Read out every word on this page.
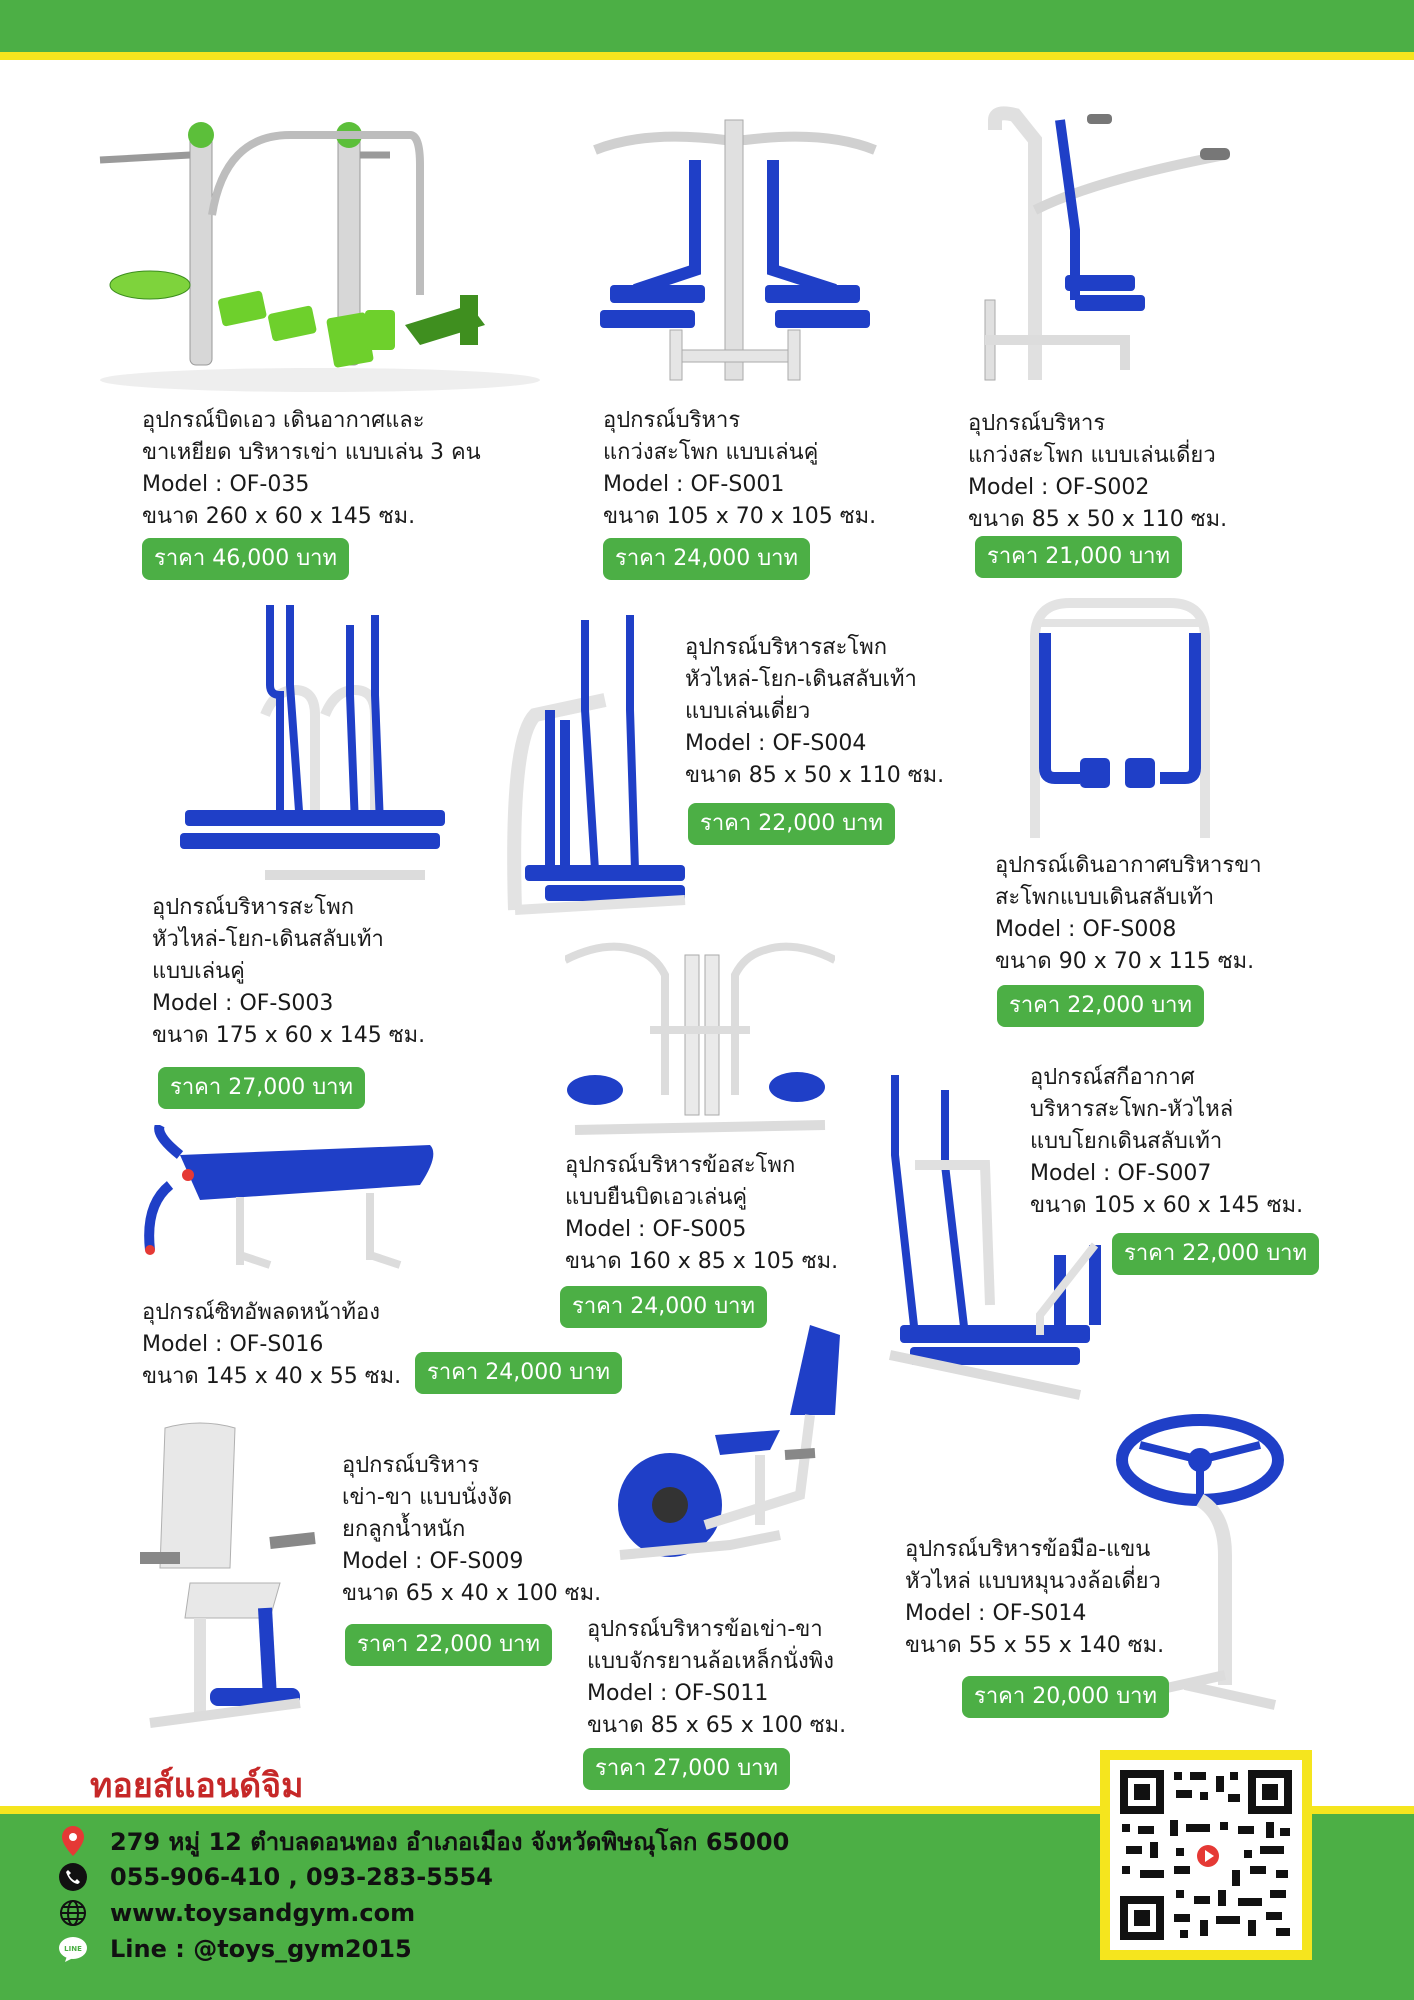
อุปกรณ์บิดเอว เดินอากาศและ
ขาเหยียด บริหารเข่า แบบเล่น 3 คน
Model : OF-035
ขนาด 260 x 60 x 145 ซม.
ราคา 46,000 บาท
อุปกรณ์บริหาร
แกว่งสะโพก แบบเล่นคู่
Model : OF-S001
ขนาด 105 x 70 x 105 ซม.
ราคา 24,000 บาท
อุปกรณ์บริหาร
แกว่งสะโพก แบบเล่นเดี่ยว
Model : OF-S002
ขนาด 85 x 50 x 110 ซม.
ราคา 21,000 บาท
อุปกรณ์บริหารสะโพก
หัวไหล่-โยก-เดินสลับเท้า
แบบเล่นคู่
Model : OF-S003
ขนาด 175 x 60 x 145 ซม.
ราคา 27,000 บาท
อุปกรณ์บริหารสะโพก
หัวไหล่-โยก-เดินสลับเท้า
แบบเล่นเดี่ยว
Model : OF-S004
ขนาด 85 x 50 x 110 ซม.
ราคา 22,000 บาท
อุปกรณ์เดินอากาศบริหารขา
สะโพกแบบเดินสลับเท้า
Model : OF-S008
ขนาด 90 x 70 x 115 ซม.
ราคา 22,000 บาท
อุปกรณ์ซิทอัพลดหน้าท้อง
Model : OF-S016
ขนาด 145 x 40 x 55 ซม.	ราคา 24,000 บาท
อุปกรณ์บริหารข้อสะโพก
แบบยืนบิดเอวเล่นคู่
Model : OF-S005
ขนาด 160 x 85 x 105 ซม.
ราคา 24,000 บาท
อุปกรณ์สกีอากาศ
บริหารสะโพก-หัวไหล่
แบบโยกเดินสลับเท้า
Model : OF-S007
ขนาด 105 x 60 x 145 ซม.
ราคา 22,000 บาท
อุปกรณ์บริหาร
เข่า-ขา แบบนั่งงัด
ยกลูกน้ำหนัก
Model : OF-S009
ขนาด 65 x 40 x 100 ซม.
ราคา 22,000 บาท
อุปกรณ์บริหารข้อเข่า-ขา
แบบจักรยานล้อเหล็กนั่งพิง
Model : OF-S011
ขนาด 85 x 65 x 100 ซม.
ราคา 27,000 บาท
อุปกรณ์บริหารข้อมือ-แขน
หัวไหล่ แบบหมุนวงล้อเดี่ยว
Model : OF-S014
ขนาด 55 x 55 x 140 ซม.
ราคา 20,000 บาท
ทอยส์แอนด์จิม
279 หมู่ 12 ตำบลดอนทอง อำเภอเมือง จังหวัดพิษณุโลก 65000
055-906-410 , 093-283-5554
www.toysandgym.com
LINE Line : @toys_gym2015
